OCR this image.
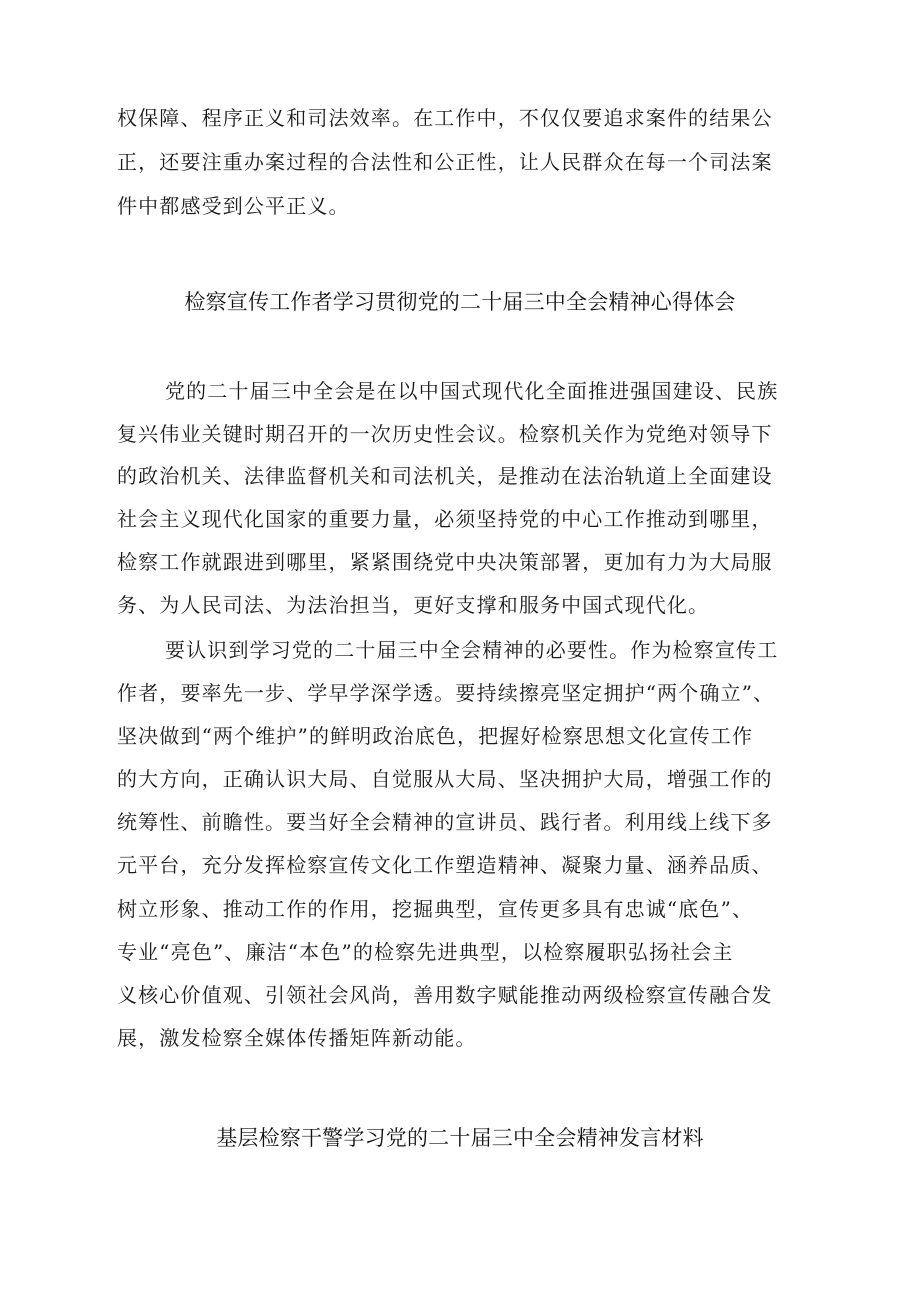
权保障、程序正义和司法效率。在工作中，不仅仅要追求案件的结果公
正，还要注重办案过程的合法性和公正性，让人民群众在每一个司法案
件中都感受到公平正义。
检察宣传工作者学习贯彻党的二十届三中全会精神心得体会
党的二十届三中全会是在以中国式现代化全面推进强国建设、民族
复兴伟业关键时期召开的一次历史性会议。检察机关作为党绝对领导下
的政治机关、法律监督机关和司法机关，是推动在法治轨道上全面建设
社会主义现代化国家的重要力量，必须坚持党的中心工作推动到哪里，
检察工作就跟进到哪里，紧紧围绕党中央决策部署，更加有力为大局服
务、为人民司法、为法治担当，更好支撑和服务中国式现代化。
要认识到学习党的二十届三中全会精神的必要性。作为检察宣传工
作者，要率先一步、学早学深学透。要持续擦亮坚定拥护“两个确立”、
坚决做到“两个维护”的鲜明政治底色，把握好检察思想文化宣传工作
的大方向，正确认识大局、自觉服从大局、坚决拥护大局，增强工作的
统筹性、前瞻性。要当好全会精神的宣讲员、践行者。利用线上线下多
元平台，充分发挥检察宣传文化工作塑造精神、凝聚力量、涵养品质、
树立形象、推动工作的作用，挖掘典型，宣传更多具有忠诚“底色”、
专业“亮色”、廉洁“本色”的检察先进典型，以检察履职弘扬社会主
义核心价值观、引领社会风尚，善用数字赋能推动两级检察宣传融合发
展，激发检察全媒体传播矩阵新动能。
基层检察干警学习党的二十届三中全会精神发言材料
